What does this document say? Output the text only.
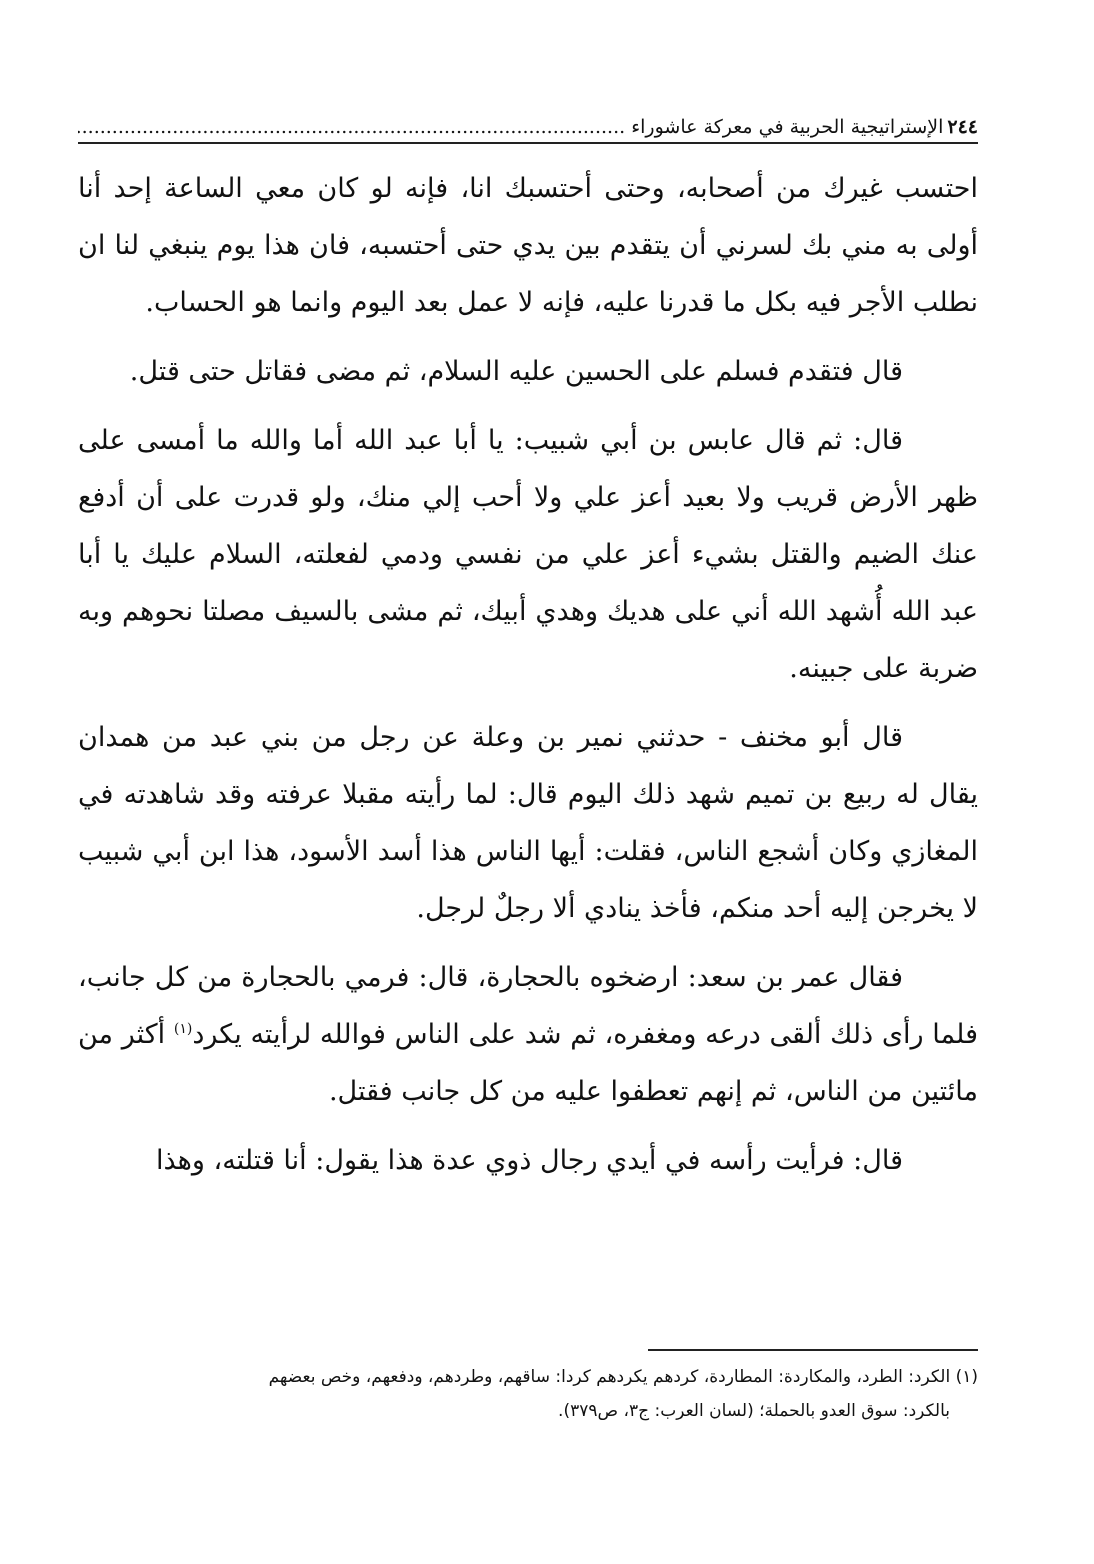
٢٤٤
الإستراتيجية الحربية في معركة عاشوراء .....

احتسب غيرك من أصحابه، وحتى أحتسبك انا، فإنه لو كان معي الساعة إحد أنا أولى به مني بك لسرني أن يتقدم بين يدي حتى أحتسبه، فان هذا يوم ينبغي لنا ان نطلب الأجر فيه بكل ما قدرنا عليه، فإنه لا عمل بعد اليوم وانما هو الحساب.

قال فتقدم فسلم على الحسين عليه السلام، ثم مضى فقاتل حتى قتل.

قال: ثم قال عابس بن أبي شبيب: يا أبا عبد الله أما والله ما أمسى على ظهر الأرض قريب ولا بعيد أعز علي ولا أحب إلي منك، ولو قدرت على أن أدفع عنك الضيم والقتل بشيء أعز علي من نفسي ودمي لفعلته، السلام عليك يا أبا عبد الله أُشهد الله أني على هديك وهدي أبيك، ثم مشى بالسيف مصلتا نحوهم وبه ضربة على جبينه.

قال أبو مخنف - حدثني نمير بن وعلة عن رجل من بني عبد من همدان يقال له ربيع بن تميم شهد ذلك اليوم قال: لما رأيته مقبلا عرفته وقد شاهدته في المغازي وكان أشجع الناس، فقلت: أيها الناس هذا أسد الأسود، هذا ابن أبي شبيب لا يخرجن إليه أحد منكم، فأخذ ينادي ألا رجلٌ لرجل.

فقال عمر بن سعد: ارضخوه بالحجارة، قال: فرمي بالحجارة من كل جانب، فلما رأى ذلك ألقى درعه ومغفره، ثم شد على الناس فوالله لرأيته يكرد$^{(١)}$ أكثر من مائتين من الناس، ثم إنهم تعطفوا عليه من كل جانب فقتل.

قال: فرأيت رأسه في أيدي رجال ذوي عدة هذا يقول: أنا قتلته، وهذا

(١) الكرد: الطرد، والمكاردة: المطاردة، كردهم يكردهم كردا: ساقهم، وطردهم، ودفعهم، وخص بعضهم
بالكرد: سوق العدو بالحملة؛ (لسان العرب: ج٣، ص٣٧٩).
